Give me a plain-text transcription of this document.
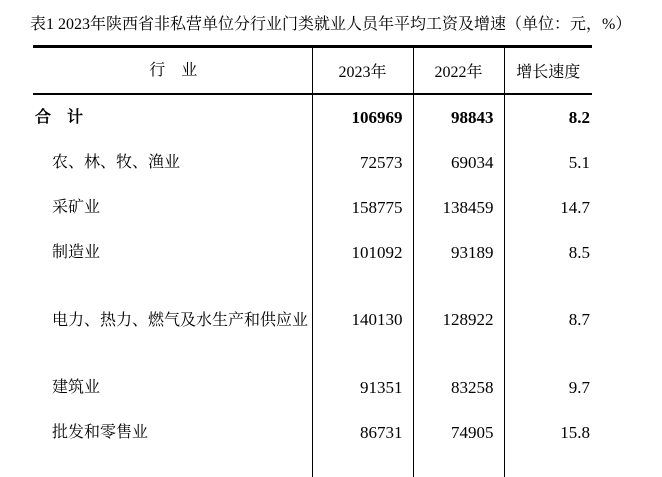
表1 2023年陕西省非私营单位分行业门类就业人员年平均工资及增速（单位：元，%）
行　业	2023年	2022年	增长速度
合　计	106969	98843	8.2
农、林、牧、渔业	72573	69034	5.1
采矿业	158775	138459	14.7
制造业	101092	93189	8.5
电力、热力、燃气及水生产和供应业	140130	128922	8.7
建筑业	91351	83258	9.7
批发和零售业	86731	74905	15.8
